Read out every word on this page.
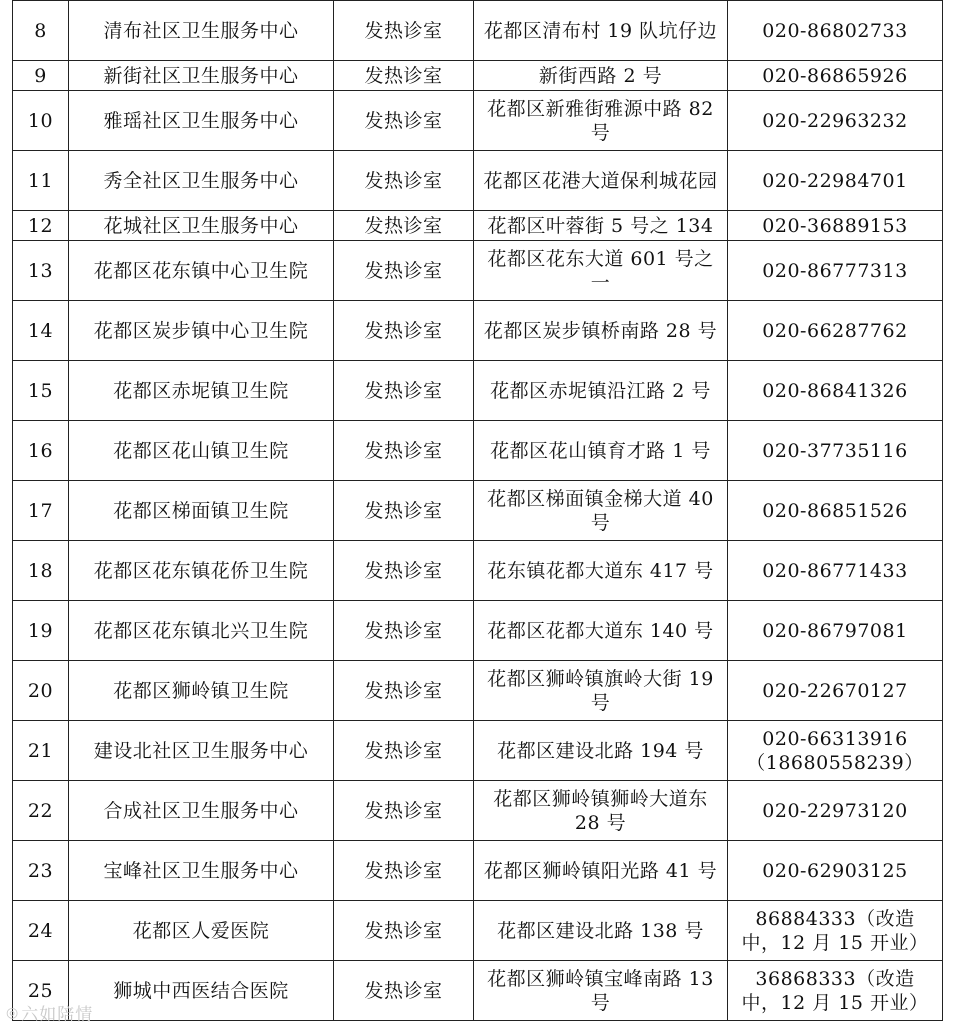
8	清布社区卫生服务中心	发热诊室	花都区清布村 19 队坑仔边	020-86802733
9	新街社区卫生服务中心	发热诊室	新街西路 2 号	020-86865926
10	雅瑶社区卫生服务中心	发热诊室	花都区新雅街雅源中路 82 号	020-22963232
11	秀全社区卫生服务中心	发热诊室	花都区花港大道保利城花园	020-22984701
12	花城社区卫生服务中心	发热诊室	花都区叶蓉街 5 号之 134	020-36889153
13	花都区花东镇中心卫生院	发热诊室	花都区花东大道 601 号之一	020-86777313
14	花都区炭步镇中心卫生院	发热诊室	花都区炭步镇桥南路 28 号	020-66287762
15	花都区赤坭镇卫生院	发热诊室	花都区赤坭镇沿江路 2 号	020-86841326
16	花都区花山镇卫生院	发热诊室	花都区花山镇育才路 1 号	020-37735116
17	花都区梯面镇卫生院	发热诊室	花都区梯面镇金梯大道 40 号	020-86851526
18	花都区花东镇花侨卫生院	发热诊室	花东镇花都大道东 417 号	020-86771433
19	花都区花东镇北兴卫生院	发热诊室	花都区花都大道东 140 号	020-86797081
20	花都区狮岭镇卫生院	发热诊室	花都区狮岭镇旗岭大街 19 号	020-22670127
21	建设北社区卫生服务中心	发热诊室	花都区建设北路 194 号	020-66313916（18680558239）
22	合成社区卫生服务中心	发热诊室	花都区狮岭镇狮岭大道东 28 号	020-22973120
23	宝峰社区卫生服务中心	发热诊室	花都区狮岭镇阳光路 41 号	020-62903125
24	花都区人爱医院	发热诊室	花都区建设北路 138 号	86884333（改造中，12 月 15 开业）
25	狮城中西医结合医院	发热诊室	花都区狮岭镇宝峰南路 13 号	36868333（改造中，12 月 15 开业）
◎ 六如陪情
